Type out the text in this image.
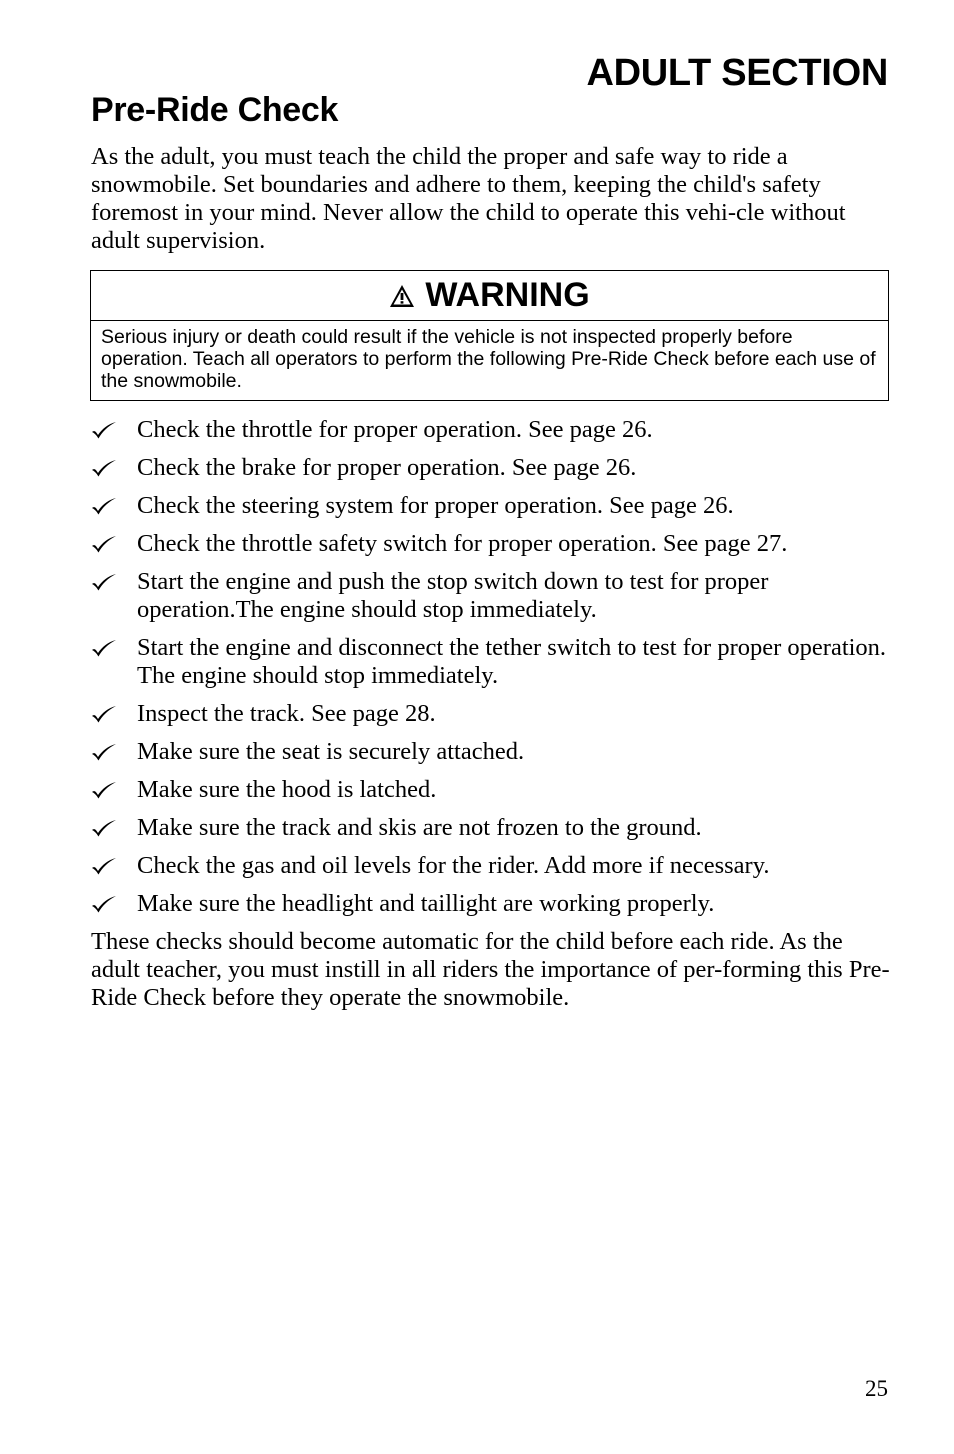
ADULT SECTION
Pre-Ride Check
As the adult, you must teach the child the proper and safe way to ride a snowmobile. Set boundaries and adhere to them, keeping the child's safety foremost in your mind. Never allow the child to operate this vehi-cle without adult supervision.
WARNING
Serious injury or death could result if the vehicle is not inspected properly before operation. Teach all operators to perform the following Pre-Ride Check before each use of the snowmobile.
Check the throttle for proper operation. See page 26.
Check the brake for proper operation. See page 26.
Check the steering system for proper operation. See page 26.
Check the throttle safety switch for proper operation. See page 27.
Start the engine and push the stop switch down to test for proper operation.The engine should stop immediately.
Start the engine and disconnect the tether switch to test for proper operation. The engine should stop immediately.
Inspect the track. See page 28.
Make sure the seat is securely attached.
Make sure the hood is latched.
Make sure the track and skis are not frozen to the ground.
Check the gas and oil levels for the rider. Add more if necessary.
Make sure the headlight and taillight are working properly.
These checks should become automatic for the child before each ride. As the adult teacher, you must instill in all riders the importance of per-forming this Pre-Ride Check before they operate the snowmobile.
25
